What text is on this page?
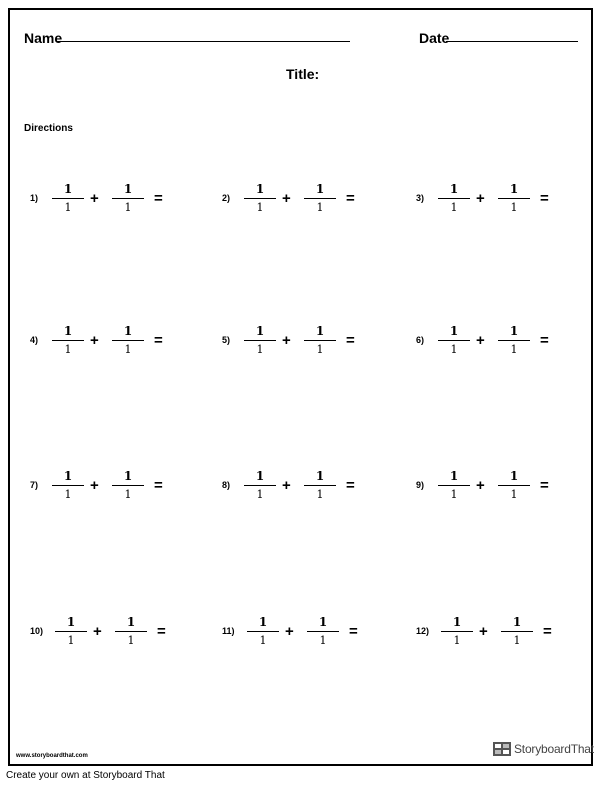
Name	Date
Title:
Directions
1)
1
1
+
1
1
=	2)
1
1
+
1
1
=	3)
1
1
+
1
1
=
4)
1
1
+
1
1
=	5)
1
1
+
1
1
=	6)
1
1
+
1
1
=
7)
1
1
+
1
1
=	8)
1
1
+
1
1
=	9)
1
1
+
1
1
=
10)
1
1
+
1
1
=	11)
1
1
+
1
1
=	12)
1
1
+
1
1
=
www.storyboardthat.com	StoryboardThat
Create your own at Storyboard That
